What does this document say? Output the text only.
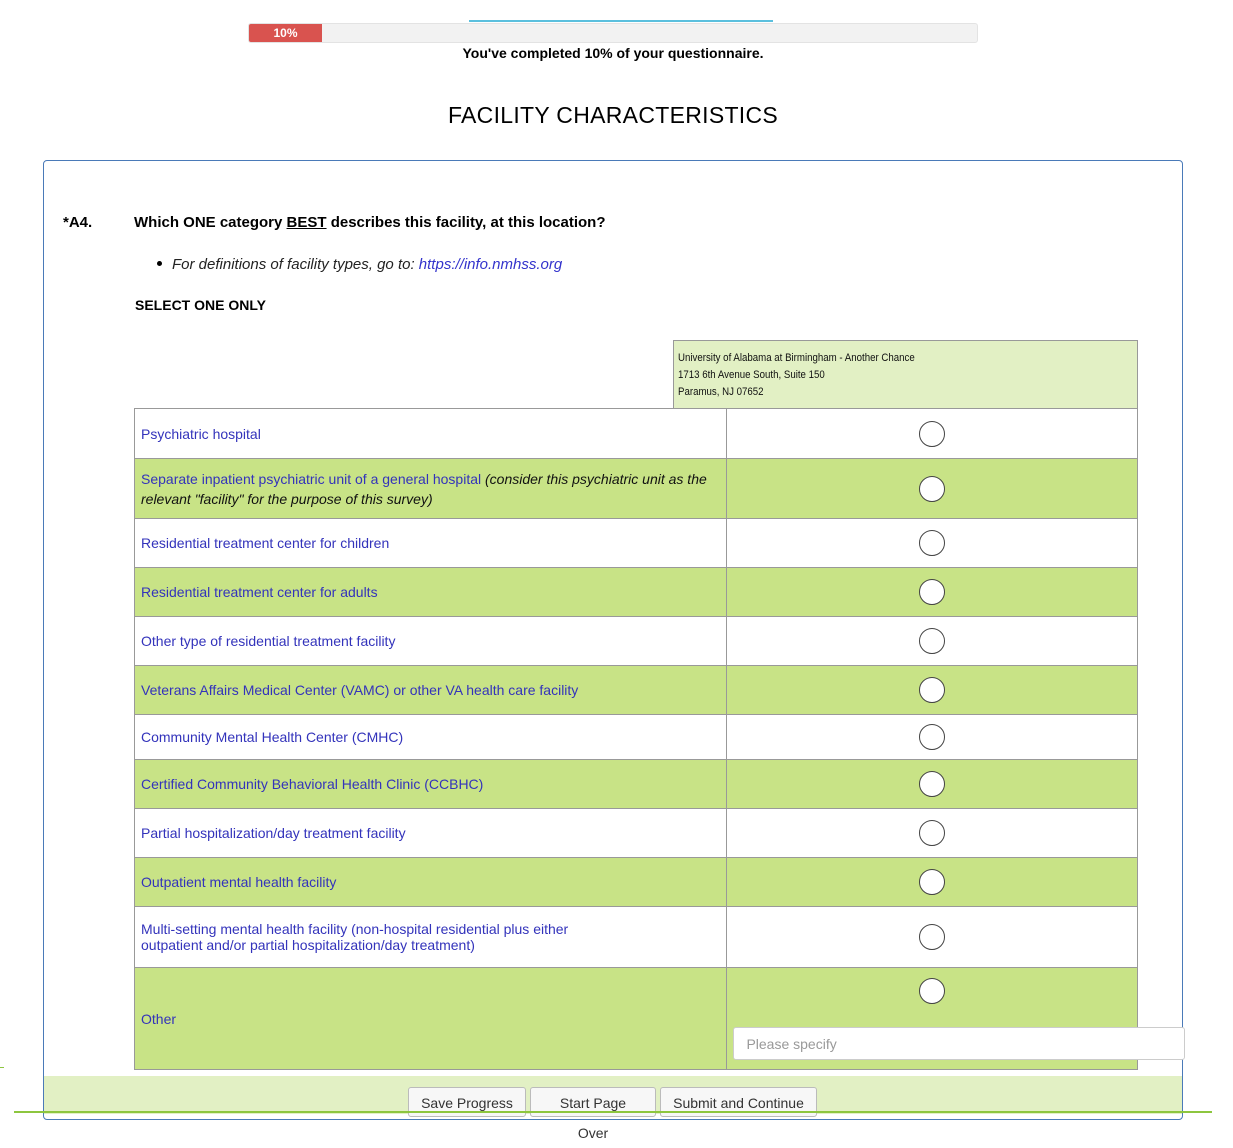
10%
You've completed 10% of your questionnaire.
FACILITY CHARACTERISTICS
*A4.	Which ONE category BEST describes this facility, at this location?
For definitions of facility types, go to: https://info.nmhss.org
SELECT ONE ONLY
University of Alabama at Birmingham - Another Chance
1713 6th Avenue South, Suite 150
Paramus, NJ 07652
Psychiatric hospital	
Separate inpatient psychiatric unit of a general hospital (consider this psychiatric unit as the relevant "facility" for the purpose of this survey)	
Residential treatment center for children	
Residential treatment center for adults	
Other type of residential treatment facility	
Veterans Affairs Medical Center (VAMC) or other VA health care facility	
Community Mental Health Center (CMHC)	
Certified Community Behavioral Health Clinic (CCBHC)	
Partial hospitalization/day treatment facility	
Outpatient mental health facility	
Multi-setting mental health facility (non-hospital residential plus either outpatient and/or partial hospitalization/day treatment)	
Other	
Please specify
Save Progress	Start Page Over
Submit and Continue
